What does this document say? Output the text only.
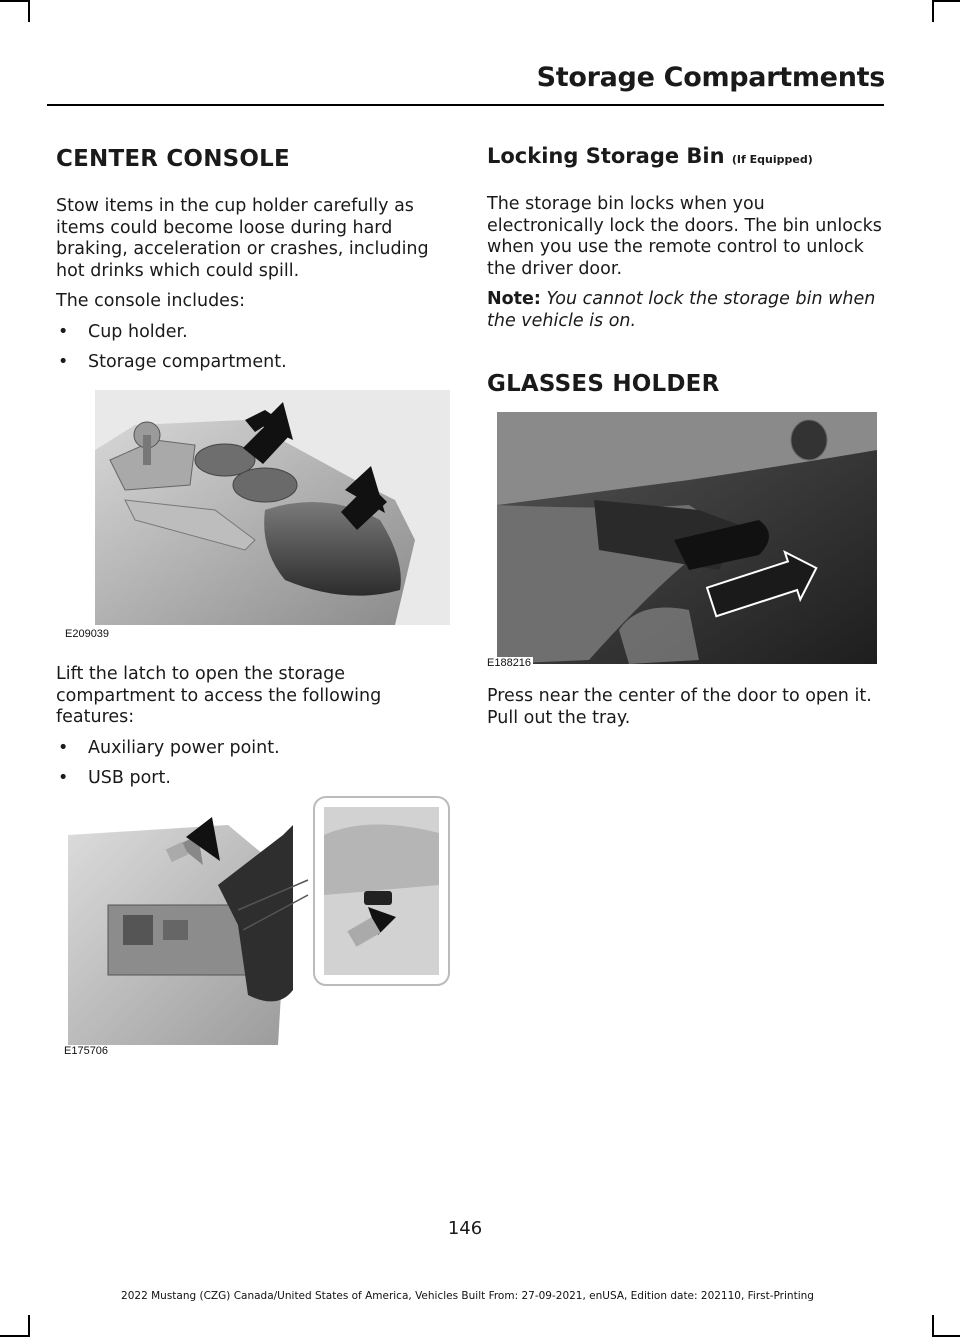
Storage Compartments
CENTER CONSOLE

Stow items in the cup holder carefully as items could become loose during hard braking, acceleration or crashes, including hot drinks which could spill.

The console includes:

• Cup holder.
• Storage compartment.
E209039

Lift the latch to open the storage compartment to access the following features:

• Auxiliary power point.
• USB port.
E175706
Locking Storage Bin (If Equipped)

The storage bin locks when you electronically lock the doors. The bin unlocks when you use the remote control to unlock the driver door.

Note: You cannot lock the storage bin when the vehicle is on.

GLASSES HOLDER
E188216

Press near the center of the door to open it. Pull out the tray.

146
2022 Mustang (CZG) Canada/United States of America, Vehicles Built From: 27-09-2021, enUSA, Edition date: 202110, First-Printing
